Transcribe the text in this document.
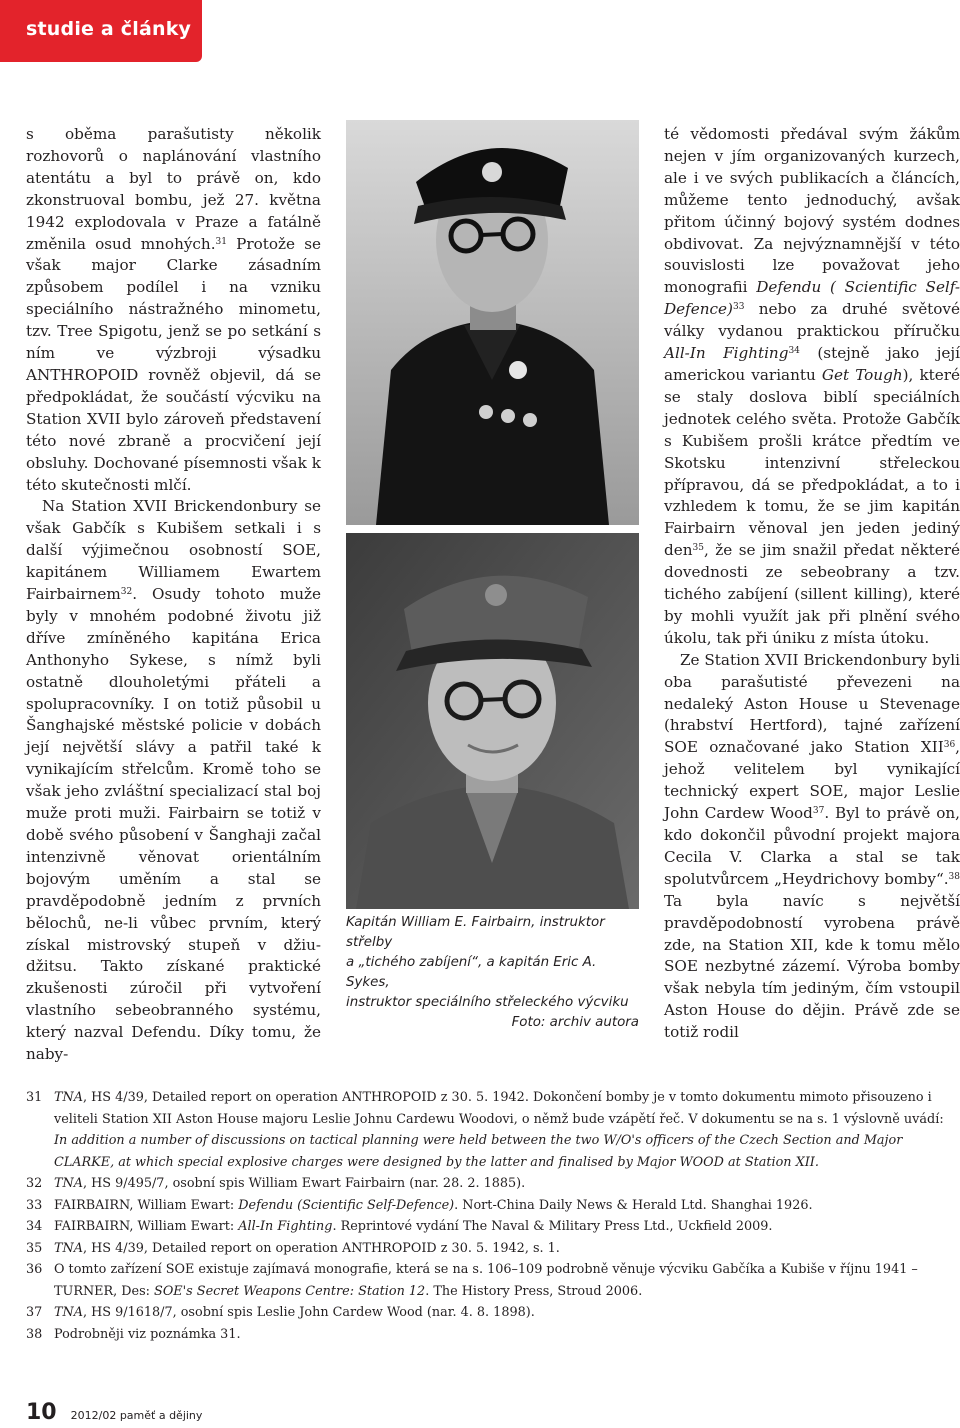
studie a články

s oběma parašutisty několik rozhovorů o naplánování vlastního atentátu a byl to právě on, kdo zkonstruoval bombu, jež 27. května 1942 explodovala v Praze a fatálně změnila osud mnohých.$^{31}$ Protože se však major Clarke zásadním způsobem podílel i na vzniku speciálního nástražného minometu, tzv. Tree Spigotu, jenž se po setkání s ním ve výzbroji výsadku ANTHROPOID rovněž objevil, dá se předpokládat, že součástí výcviku na Station XVII bylo zároveň představení této nové zbraně a procvičení její obsluhy. Dochované písemnosti však k této skutečnosti mlčí.

Na Station XVII Brickendonbury se však Gabčík s Kubišem setkali i s další výjimečnou osobností SOE, kapitánem Williamem Ewartem Fairbairnem$^{32}$. Osudy tohoto muže byly v mnohém podobné životu již dříve zmíněného kapitána Erica Anthonyho Sykese, s nímž byli ostatně dlouholetými přáteli a spolupracovníky. I on totiž působil u Šanghajské městské policie v dobách její největší slávy a patřil také k vynikajícím střelcům. Kromě toho se však jeho zvláštní specializací stal boj muže proti muži. Fairbairn se totiž v době svého působení v Šanghaji začal intenzivně věnovat orientálním bojovým uměním a stal se pravděpodobně jedním z prvních bělochů, ne-li vůbec prvním, který získal mistrovský stupeň v džiu-džitsu. Takto získané praktické zkušenosti zúročil při vytvoření vlastního sebeobranného systému, který nazval Defendu. Díky tomu, že naby-

Kapitán William E. Fairbairn, instruktor střelby
a „tichého zabíjení“, a kapitán Eric A. Sykes,
instruktor speciálního střeleckého výcviku
Foto: archiv autora

té vědomosti předával svým žákům nejen v jím organizovaných kurzech, ale i ve svých publikacích a článcích, můžeme tento jednoduchý, avšak přitom účinný bojový systém dodnes obdivovat. Za nejvýznamnější v této souvislosti lze považovat jeho monografii Defendu ( Scientific Self-Defence)$^{33}$ nebo za druhé světové války vydanou praktickou příručku All-In Fighting$^{34}$ (stejně jako její americkou variantu Get Tough), které se staly doslova biblí speciálních jednotek celého světa. Protože Gabčík s Kubišem prošli krátce předtím ve Skotsku intenzivní střeleckou přípravou, dá se předpokládat, a to i vzhledem k tomu, že se jim kapitán Fairbairn věnoval jen jeden jediný den$^{35}$, že se jim snažil předat některé dovednosti ze sebeobrany a tzv. tichého zabíjení (sillent killing), které by mohli využít jak při plnění svého úkolu, tak při úniku z místa útoku.

Ze Station XVII Brickendonbury byli oba parašutisté převezeni na nedaleký Aston House u Stevenage (hrabství Hertford), tajné zařízení SOE označované jako Station XII$^{36}$, jehož velitelem byl vynikající technický expert SOE, major Leslie John Cardew Wood$^{37}$. Byl to právě on, kdo dokončil původní projekt majora Cecila V. Clarka a stal se tak spolutvůrcem „Heydrichovy bomby“.$^{38}$ Ta byla navíc s největší pravděpodobností vyrobena právě zde, na Station XII, kde k tomu mělo SOE nezbytné zázemí. Výroba bomby však nebyla tím jediným, čím vstoupil Aston House do dějin. Právě zde se totiž rodil

31 TNA, HS 4/39, Detailed report on operation ANTHROPOID z 30. 5. 1942. Dokončení bomby je v tomto dokumentu mimoto přisouzeno i veliteli Station XII Aston House majoru Leslie Johnu Cardewu Woodovi, o němž bude vzápětí řeč. V dokumentu se na s. 1 výslovně uvádí: In addition a number of discussions on tactical planning were held between the two W/O's officers of the Czech Section and Major CLARKE, at which special explosive charges were designed by the latter and finalised by Major WOOD at Station XII.
32 TNA, HS 9/495/7, osobní spis William Ewart Fairbairn (nar. 28. 2. 1885).
33 FAIRBAIRN, William Ewart: Defendu (Scientific Self-Defence). Nort-China Daily News & Herald Ltd. Shanghai 1926.
34 FAIRBAIRN, William Ewart: All-In Fighting. Reprintové vydání The Naval & Military Press Ltd., Uckfield 2009.
35 TNA, HS 4/39, Detailed report on operation ANTHROPOID z 30. 5. 1942, s. 1.
36 O tomto zařízení SOE existuje zajímavá monografie, která se na s. 106–109 podrobně věnuje výcviku Gabčíka a Kubiše v říjnu 1941 – TURNER, Des: SOE's Secret Weapons Centre: Station 12. The History Press, Stroud 2006.
37 TNA, HS 9/1618/7, osobní spis Leslie John Cardew Wood (nar. 4. 8. 1898).
38 Podrobněji viz poznámka 31.
10 2012/02 paměť a dějiny
